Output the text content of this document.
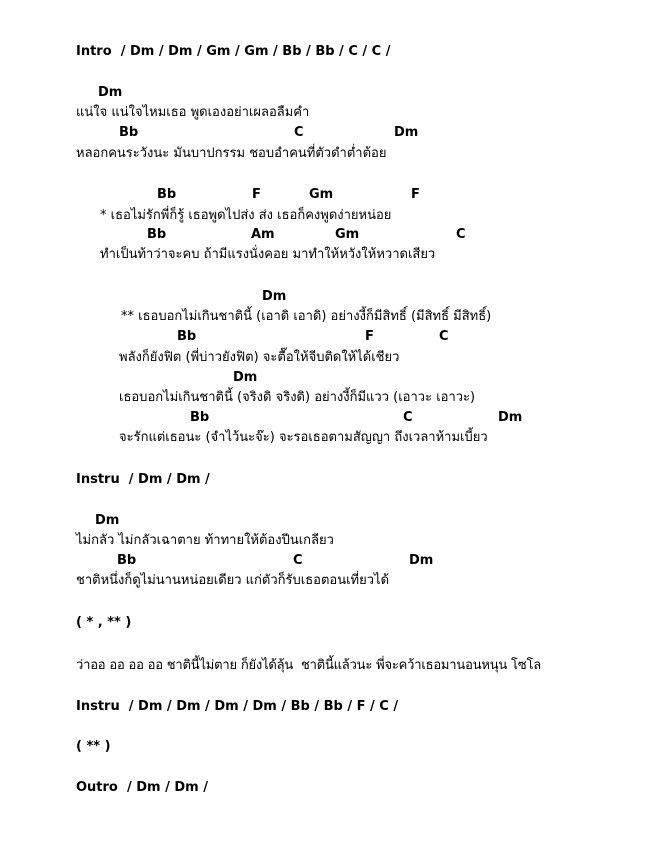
Intro / Dm / Dm / Gm / Gm / Bb / Bb / C / C /
Dm
แน่ใจ แน่ใจไหมเธอ พูดเองอย่าเผลอลืมคำ
Bb	C	Dm
หลอกคนระวังนะ มันบาปกรรม ชอบอำคนที่ตัวดำต่ำต้อย
Bb	F	Gm	F
* เธอไม่รักพี่ก็รู้ เธอพูดไปส่ง ส่ง เธอก็คงพูดง่ายหน่อย
Bb	Am	Gm	C
ทำเป็นท้าว่าจะคบ ถ้ามีแรงนั่งคอย มาทำให้หวังให้หวาดเสียว
Dm
** เธอบอกไม่เกินชาตินี้ (เอาดิ เอาดิ) อย่างงี้ก็มีสิทธิ์ (มีสิทธิ์ มีสิทธิ์)
Bb	F	C
พลังก็ยังฟิต (พี่บ่าวยังฟิต) จะตื๊อให้จีบติดให้ได้เชียว
Dm
เธอบอกไม่เกินชาตินี้ (จริงดิ จริงดิ) อย่างงี้ก็มีแวว (เอาวะ เอาวะ)
Bb	C	Dm
จะรักแต่เธอนะ (จำไว้นะจ๊ะ) จะรอเธอตามสัญญา ถึงเวลาห้ามเบี้ยว
Instru / Dm / Dm /
Dm
ไม่กลัว ไม่กลัวเฉาตาย ท้าทายให้ต้องปีนเกลียว
Bb	C	Dm
ชาติหนึ่งก็ดูไม่นานหน่อยเดียว แก่ตัวก็รับเธอตอนเที่ยวได้
( * , ** )
ว่าออ ออ ออ ออ ชาตินี้ไม่ตาย ก็ยังได้ลุ้น  ชาตินี้แล้วนะ พี่จะคว้าเธอมานอนหนุน โซโล
Instru / Dm / Dm / Dm / Dm / Bb / Bb / F / C /
( ** )
Outro / Dm / Dm /
